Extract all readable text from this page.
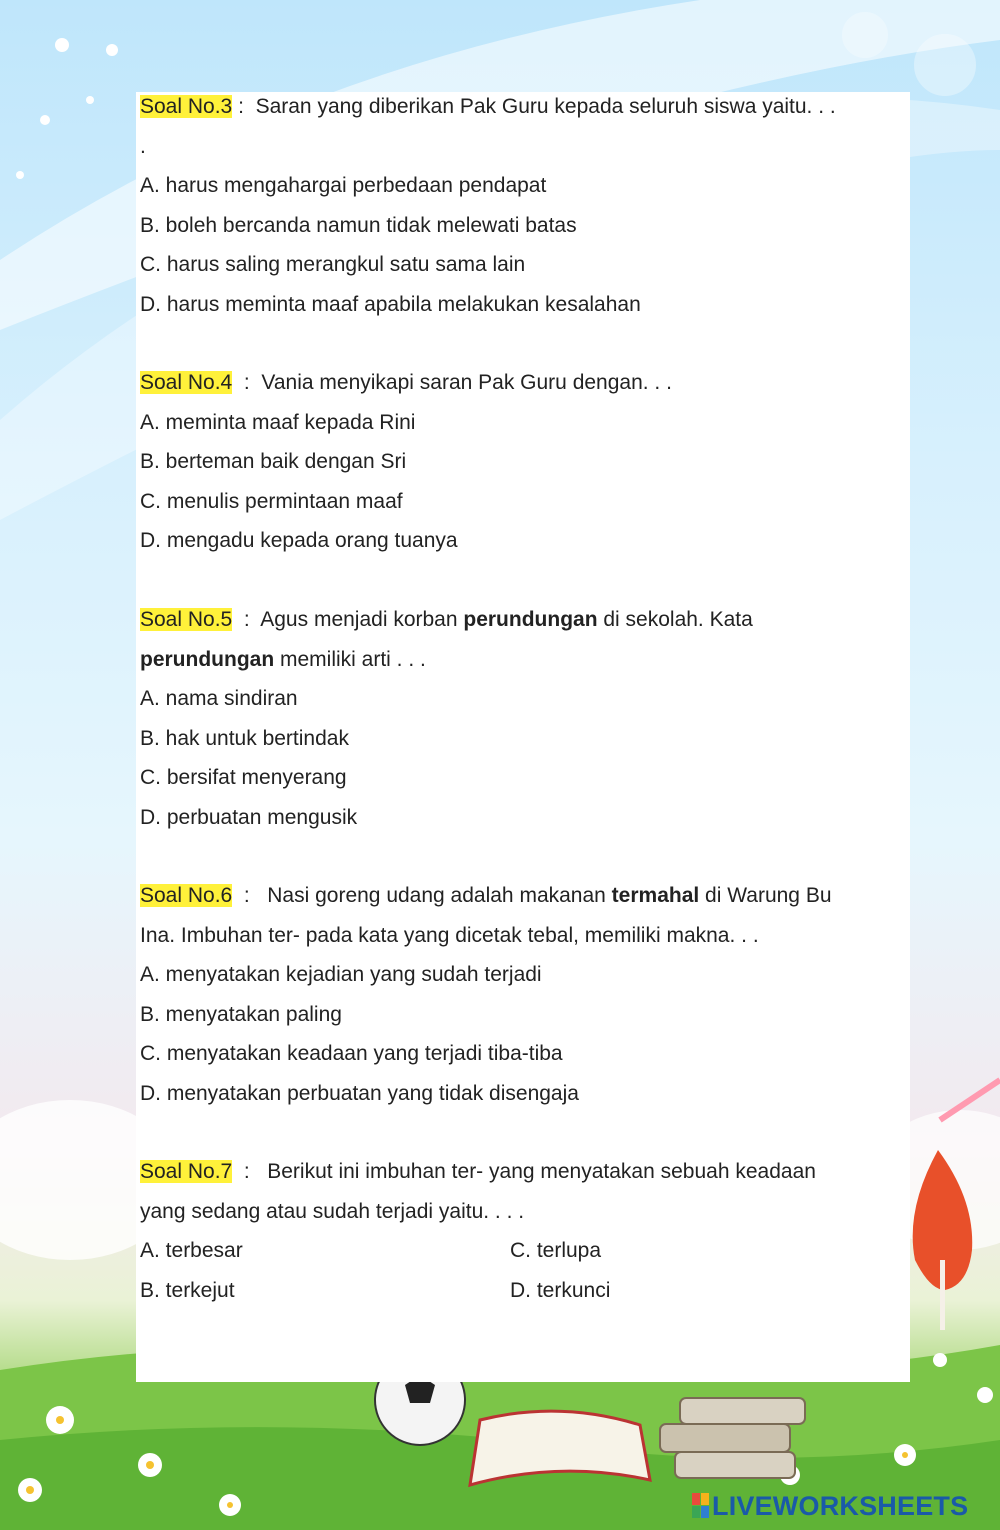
Soal No.3 :  Saran yang diberikan Pak Guru kepada seluruh siswa yaitu. . .

.

A. harus mengahargai perbedaan pendapat

B. boleh bercanda namun tidak melewati batas

C. harus saling merangkul satu sama lain

D. harus meminta maaf apabila melakukan kesalahan

Soal No.4  :  Vania menyikapi saran Pak Guru dengan. . .

A. meminta maaf kepada Rini

B. berteman baik dengan Sri

C. menulis permintaan maaf

D. mengadu kepada orang tuanya

Soal No.5  :  Agus menjadi korban perundungan di sekolah. Kata

perundungan memiliki arti . . .

A. nama sindiran

B. hak untuk bertindak

C. bersifat menyerang

D. perbuatan mengusik

Soal No.6  :   Nasi goreng udang adalah makanan termahal di Warung Bu

Ina. Imbuhan ter- pada kata yang dicetak tebal, memiliki makna. . .

A. menyatakan kejadian yang sudah terjadi

B. menyatakan paling

C. menyatakan keadaan yang terjadi tiba-tiba

D. menyatakan perbuatan yang tidak disengaja

Soal No.7  :   Berikut ini imbuhan ter- yang menyatakan sebuah keadaan

yang sedang atau sudah terjadi yaitu. . . .

A. terbesar	C. terlupa
B. terkejut	D. terkunci
LIVEWORKSHEETS
